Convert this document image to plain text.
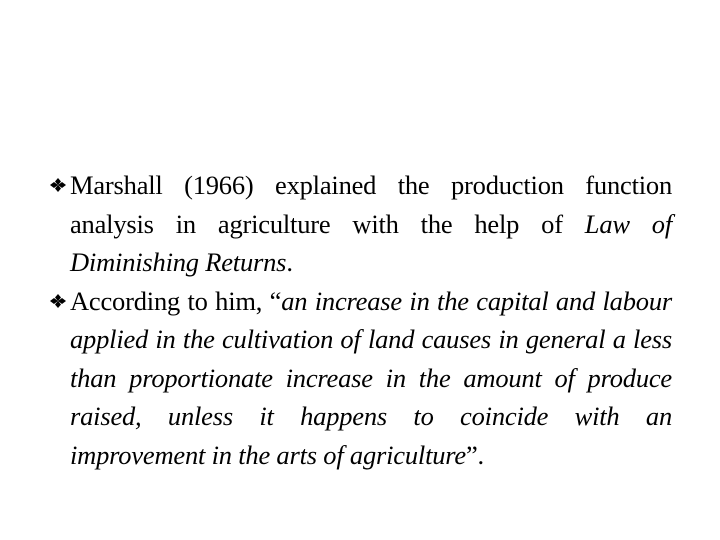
Marshall (1966) explained the production function analysis in agriculture with the help of Law of Diminishing Returns.
According to him, “an increase in the capital and labour applied in the cultivation of land causes in general a less than proportionate increase in the amount of produce raised, unless it happens to coincide with an improvement in the arts of agriculture”.
